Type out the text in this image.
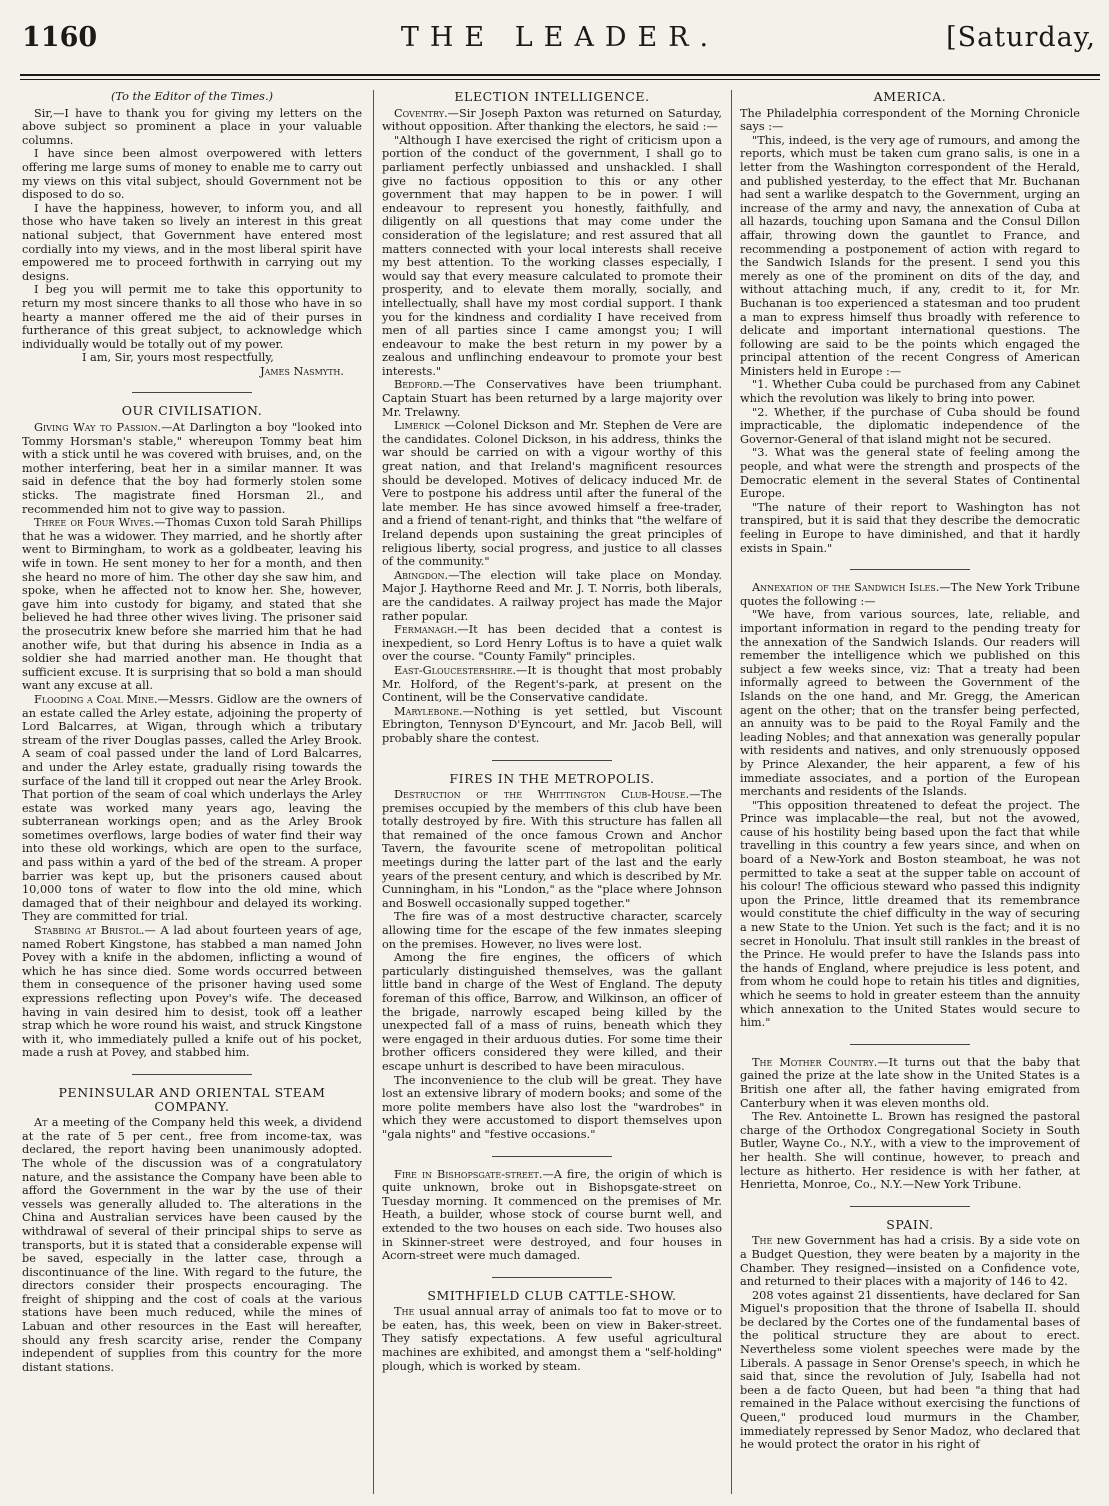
1160	THE LEADER.	[Saturday,
(To the Editor of the Times.)

Sir,—I have to thank you for giving my letters on the above subject so prominent a place in your valuable columns.

I have since been almost overpowered with letters offering me large sums of money to enable me to carry out my views on this vital subject, should Government not be disposed to do so.

I have the happiness, however, to inform you, and all those who have taken so lively an interest in this great national subject, that Government have entered most cordially into my views, and in the most liberal spirit have empowered me to proceed forthwith in carrying out my designs.

I beg you will permit me to take this opportunity to return my most sincere thanks to all those who have in so hearty a manner offered me the aid of their purses in furtherance of this great subject, to acknowledge which individually would be totally out of my power.

I am, Sir, yours most respectfully,

James Nasmyth.
OUR CIVILISATION.

Giving Way to Passion.—At Darlington a boy "looked into Tommy Horsman's stable," whereupon Tommy beat him with a stick until he was covered with bruises, and, on the mother interfering, beat her in a similar manner. It was said in defence that the boy had formerly stolen some sticks. The magistrate fined Horsman 2l., and recommended him not to give way to passion.

Three or Four Wives.—Thomas Cuxon told Sarah Phillips that he was a widower. They married, and he shortly after went to Birmingham, to work as a goldbeater, leaving his wife in town. He sent money to her for a month, and then she heard no more of him. The other day she saw him, and spoke, when he affected not to know her. She, however, gave him into custody for bigamy, and stated that she believed he had three other wives living. The prisoner said the prosecutrix knew before she married him that he had another wife, but that during his absence in India as a soldier she had married another man. He thought that sufficient excuse. It is surprising that so bold a man should want any excuse at all.

Flooding a Coal Mine.—Messrs. Gidlow are the owners of an estate called the Arley estate, adjoining the property of Lord Balcarres, at Wigan, through which a tributary stream of the river Douglas passes, called the Arley Brook. A seam of coal passed under the land of Lord Balcarres, and under the Arley estate, gradually rising towards the surface of the land till it cropped out near the Arley Brook. That portion of the seam of coal which underlays the Arley estate was worked many years ago, leaving the subterranean workings open; and as the Arley Brook sometimes overflows, large bodies of water find their way into these old workings, which are open to the surface, and pass within a yard of the bed of the stream. A proper barrier was kept up, but the prisoners caused about 10,000 tons of water to flow into the old mine, which damaged that of their neighbour and delayed its working. They are committed for trial.

Stabbing at Bristol.— A lad about fourteen years of age, named Robert Kingstone, has stabbed a man named John Povey with a knife in the abdomen, inflicting a wound of which he has since died. Some words occurred between them in consequence of the prisoner having used some expressions reflecting upon Povey's wife. The deceased having in vain desired him to desist, took off a leather strap which he wore round his waist, and struck Kingstone with it, who immediately pulled a knife out of his pocket, made a rush at Povey, and stabbed him.

PENINSULAR AND ORIENTAL STEAM COMPANY.

At a meeting of the Company held this week, a dividend at the rate of 5 per cent., free from income-tax, was declared, the report having been unanimously adopted. The whole of the discussion was of a congratulatory nature, and the assistance the Company have been able to afford the Government in the war by the use of their vessels was generally alluded to. The alterations in the China and Australian services have been caused by the withdrawal of several of their principal ships to serve as transports, but it is stated that a considerable expense will be saved, especially in the latter case, through a discontinuance of the line. With regard to the future, the directors consider their prospects encouraging. The freight of shipping and the cost of coals at the various stations have been much reduced, while the mines of Labuan and other resources in the East will hereafter, should any fresh scarcity arise, render the Company independent of supplies from this country for the more distant stations.

ELECTION INTELLIGENCE.

Coventry.—Sir Joseph Paxton was returned on Saturday, without opposition. After thanking the electors, he said :—

"Although I have exercised the right of criticism upon a portion of the conduct of the government, I shall go to parliament perfectly unbiassed and unshackled. I shall give no factious opposition to this or any other government that may happen to be in power. I will endeavour to represent you honestly, faithfully, and diligently on all questions that may come under the consideration of the legislature; and rest assured that all matters connected with your local interests shall receive my best attention. To the working classes especially, I would say that every measure calculated to promote their prosperity, and to elevate them morally, socially, and intellectually, shall have my most cordial support. I thank you for the kindness and cordiality I have received from men of all parties since I came amongst you; I will endeavour to make the best return in my power by a zealous and unflinching endeavour to promote your best interests."

Bedford.—The Conservatives have been triumphant. Captain Stuart has been returned by a large majority over Mr. Trelawny.

Limerick —Colonel Dickson and Mr. Stephen de Vere are the candidates. Colonel Dickson, in his address, thinks the war should be carried on with a vigour worthy of this great nation, and that Ireland's magnificent resources should be developed. Motives of delicacy induced Mr. de Vere to postpone his address until after the funeral of the late member. He has since avowed himself a free-trader, and a friend of tenant-right, and thinks that "the welfare of Ireland depends upon sustaining the great principles of religious liberty, social progress, and justice to all classes of the community."

Abingdon.—The election will take place on Monday. Major J. Haythorne Reed and Mr. J. T. Norris, both liberals, are the candidates. A railway project has made the Major rather popular.

Fermanagh.—It has been decided that a contest is inexpedient, so Lord Henry Loftus is to have a quiet walk over the course. "County Family" principles.

East-Gloucestershire.—It is thought that most probably Mr. Holford, of the Regent's-park, at present on the Continent, will be the Conservative candidate.

Marylebone.—Nothing is yet settled, but Viscount Ebrington, Tennyson D'Eyncourt, and Mr. Jacob Bell, will probably share the contest.

FIRES IN THE METROPOLIS.

Destruction of the Whittington Club-House.—The premises occupied by the members of this club have been totally destroyed by fire. With this structure has fallen all that remained of the once famous Crown and Anchor Tavern, the favourite scene of metropolitan political meetings during the latter part of the last and the early years of the present century, and which is described by Mr. Cunningham, in his "London," as the "place where Johnson and Boswell occasionally supped together."

The fire was of a most destructive character, scarcely allowing time for the escape of the few inmates sleeping on the premises. However, no lives were lost.

Among the fire engines, the officers of which particularly distinguished themselves, was the gallant little band in charge of the West of England. The deputy foreman of this office, Barrow, and Wilkinson, an officer of the brigade, narrowly escaped being killed by the unexpected fall of a mass of ruins, beneath which they were engaged in their arduous duties. For some time their brother officers considered they were killed, and their escape unhurt is described to have been miraculous.

The inconvenience to the club will be great. They have lost an extensive library of modern books; and some of the more polite members have also lost the "wardrobes" in which they were accustomed to disport themselves upon "gala nights" and "festive occasions."

Fire in Bishopsgate-street.—A fire, the origin of which is quite unknown, broke out in Bishopsgate-street on Tuesday morning. It commenced on the premises of Mr. Heath, a builder, whose stock of course burnt well, and extended to the two houses on each side. Two houses also in Skinner-street were destroyed, and four houses in Acorn-street were much damaged.

SMITHFIELD CLUB CATTLE-SHOW.

The usual annual array of animals too fat to move or to be eaten, has, this week, been on view in Baker-street. They satisfy expectations. A few useful agricultural machines are exhibited, and amongst them a "self-holding" plough, which is worked by steam.

AMERICA.

The Philadelphia correspondent of the Morning Chronicle says :—

"This, indeed, is the very age of rumours, and among the reports, which must be taken cum grano salis, is one in a letter from the Washington correspondent of the Herald, and published yesterday, to the effect that Mr. Buchanan had sent a warlike despatch to the Government, urging an increase of the army and navy, the annexation of Cuba at all hazards, touching upon Samana and the Consul Dillon affair, throwing down the gauntlet to France, and recommending a postponement of action with regard to the Sandwich Islands for the present. I send you this merely as one of the prominent on dits of the day, and without attaching much, if any, credit to it, for Mr. Buchanan is too experienced a statesman and too prudent a man to express himself thus broadly with reference to delicate and important international questions. The following are said to be the points which engaged the principal attention of the recent Congress of American Ministers held in Europe :—

"1. Whether Cuba could be purchased from any Cabinet which the revolution was likely to bring into power.

"2. Whether, if the purchase of Cuba should be found impracticable, the diplomatic independence of the Governor-General of that island might not be secured.

"3. What was the general state of feeling among the people, and what were the strength and prospects of the Democratic element in the several States of Continental Europe.

"The nature of their report to Washington has not transpired, but it is said that they describe the democratic feeling in Europe to have diminished, and that it hardly exists in Spain."

Annexation of the Sandwich Isles.—The New York Tribune quotes the following :—

"We have, from various sources, late, reliable, and important information in regard to the pending treaty for the annexation of the Sandwich Islands. Our readers will remember the intelligence which we published on this subject a few weeks since, viz: That a treaty had been informally agreed to between the Government of the Islands on the one hand, and Mr. Gregg, the American agent on the other; that on the transfer being perfected, an annuity was to be paid to the Royal Family and the leading Nobles; and that annexation was generally popular with residents and natives, and only strenuously opposed by Prince Alexander, the heir apparent, a few of his immediate associates, and a portion of the European merchants and residents of the Islands.

"This opposition threatened to defeat the project. The Prince was implacable—the real, but not the avowed, cause of his hostility being based upon the fact that while travelling in this country a few years since, and when on board of a New-York and Boston steamboat, he was not permitted to take a seat at the supper table on account of his colour! The officious steward who passed this indignity upon the Prince, little dreamed that its remembrance would constitute the chief difficulty in the way of securing a new State to the Union. Yet such is the fact; and it is no secret in Honolulu. That insult still rankles in the breast of the Prince. He would prefer to have the Islands pass into the hands of England, where prejudice is less potent, and from whom he could hope to retain his titles and dignities, which he seems to hold in greater esteem than the annuity which annexation to the United States would secure to him."

The Mother Country.—It turns out that the baby that gained the prize at the late show in the United States is a British one after all, the father having emigrated from Canterbury when it was eleven months old.

The Rev. Antoinette L. Brown has resigned the pastoral charge of the Orthodox Congregational Society in South Butler, Wayne Co., N.Y., with a view to the improvement of her health. She will continue, however, to preach and lecture as hitherto. Her residence is with her father, at Henrietta, Monroe, Co., N.Y.—New York Tribune.

SPAIN.

The new Government has had a crisis. By a side vote on a Budget Question, they were beaten by a majority in the Chamber. They resigned—insisted on a Confidence vote, and returned to their places with a majority of 146 to 42.

208 votes against 21 dissentients, have declared for San Miguel's proposition that the throne of Isabella II. should be declared by the Cortes one of the fundamental bases of the political structure they are about to erect. Nevertheless some violent speeches were made by the Liberals. A passage in Senor Orense's speech, in which he said that, since the revolution of July, Isabella had not been a de facto Queen, but had been "a thing that had remained in the Palace without exercising the functions of Queen," produced loud murmurs in the Chamber, immediately repressed by Senor Madoz, who declared that he would protect the orator in his right of
